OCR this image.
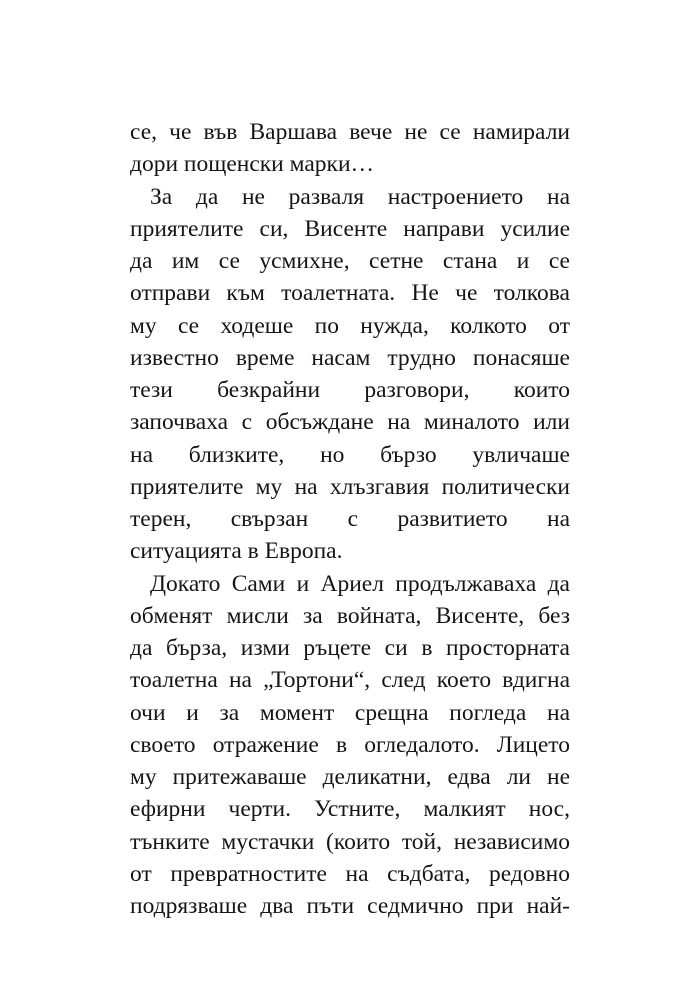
се, че във Варшава вече не се намирали
дори пощенски марки…
За да не разваля настроението на
приятелите си, Висенте направи усилие
да им се усмихне, сетне стана и се
отправи към тоалетната. Не че толкова
му се ходеше по нужда, колкото от
известно време насам трудно понасяше
тези безкрайни разговори, които
започваха с обсъждане на миналото или
на близките, но бързо увличаше
приятелите му на хлъзгавия политически
терен, свързан с развитието на
ситуацията в Европа.
Докато Сами и Ариел продължаваха да
обменят мисли за войната, Висенте, без
да бърза, изми ръцете си в просторната
тоалетна на „Тортони“, след което вдигна
очи и за момент срещна погледа на
своето отражение в огледалото. Лицето
му притежаваше деликатни, едва ли не
ефирни черти. Устните, малкият нос,
тънките мустачки (които той, независимо
от превратностите на съдбата, редовно
подрязваше два пъти седмично при най-
